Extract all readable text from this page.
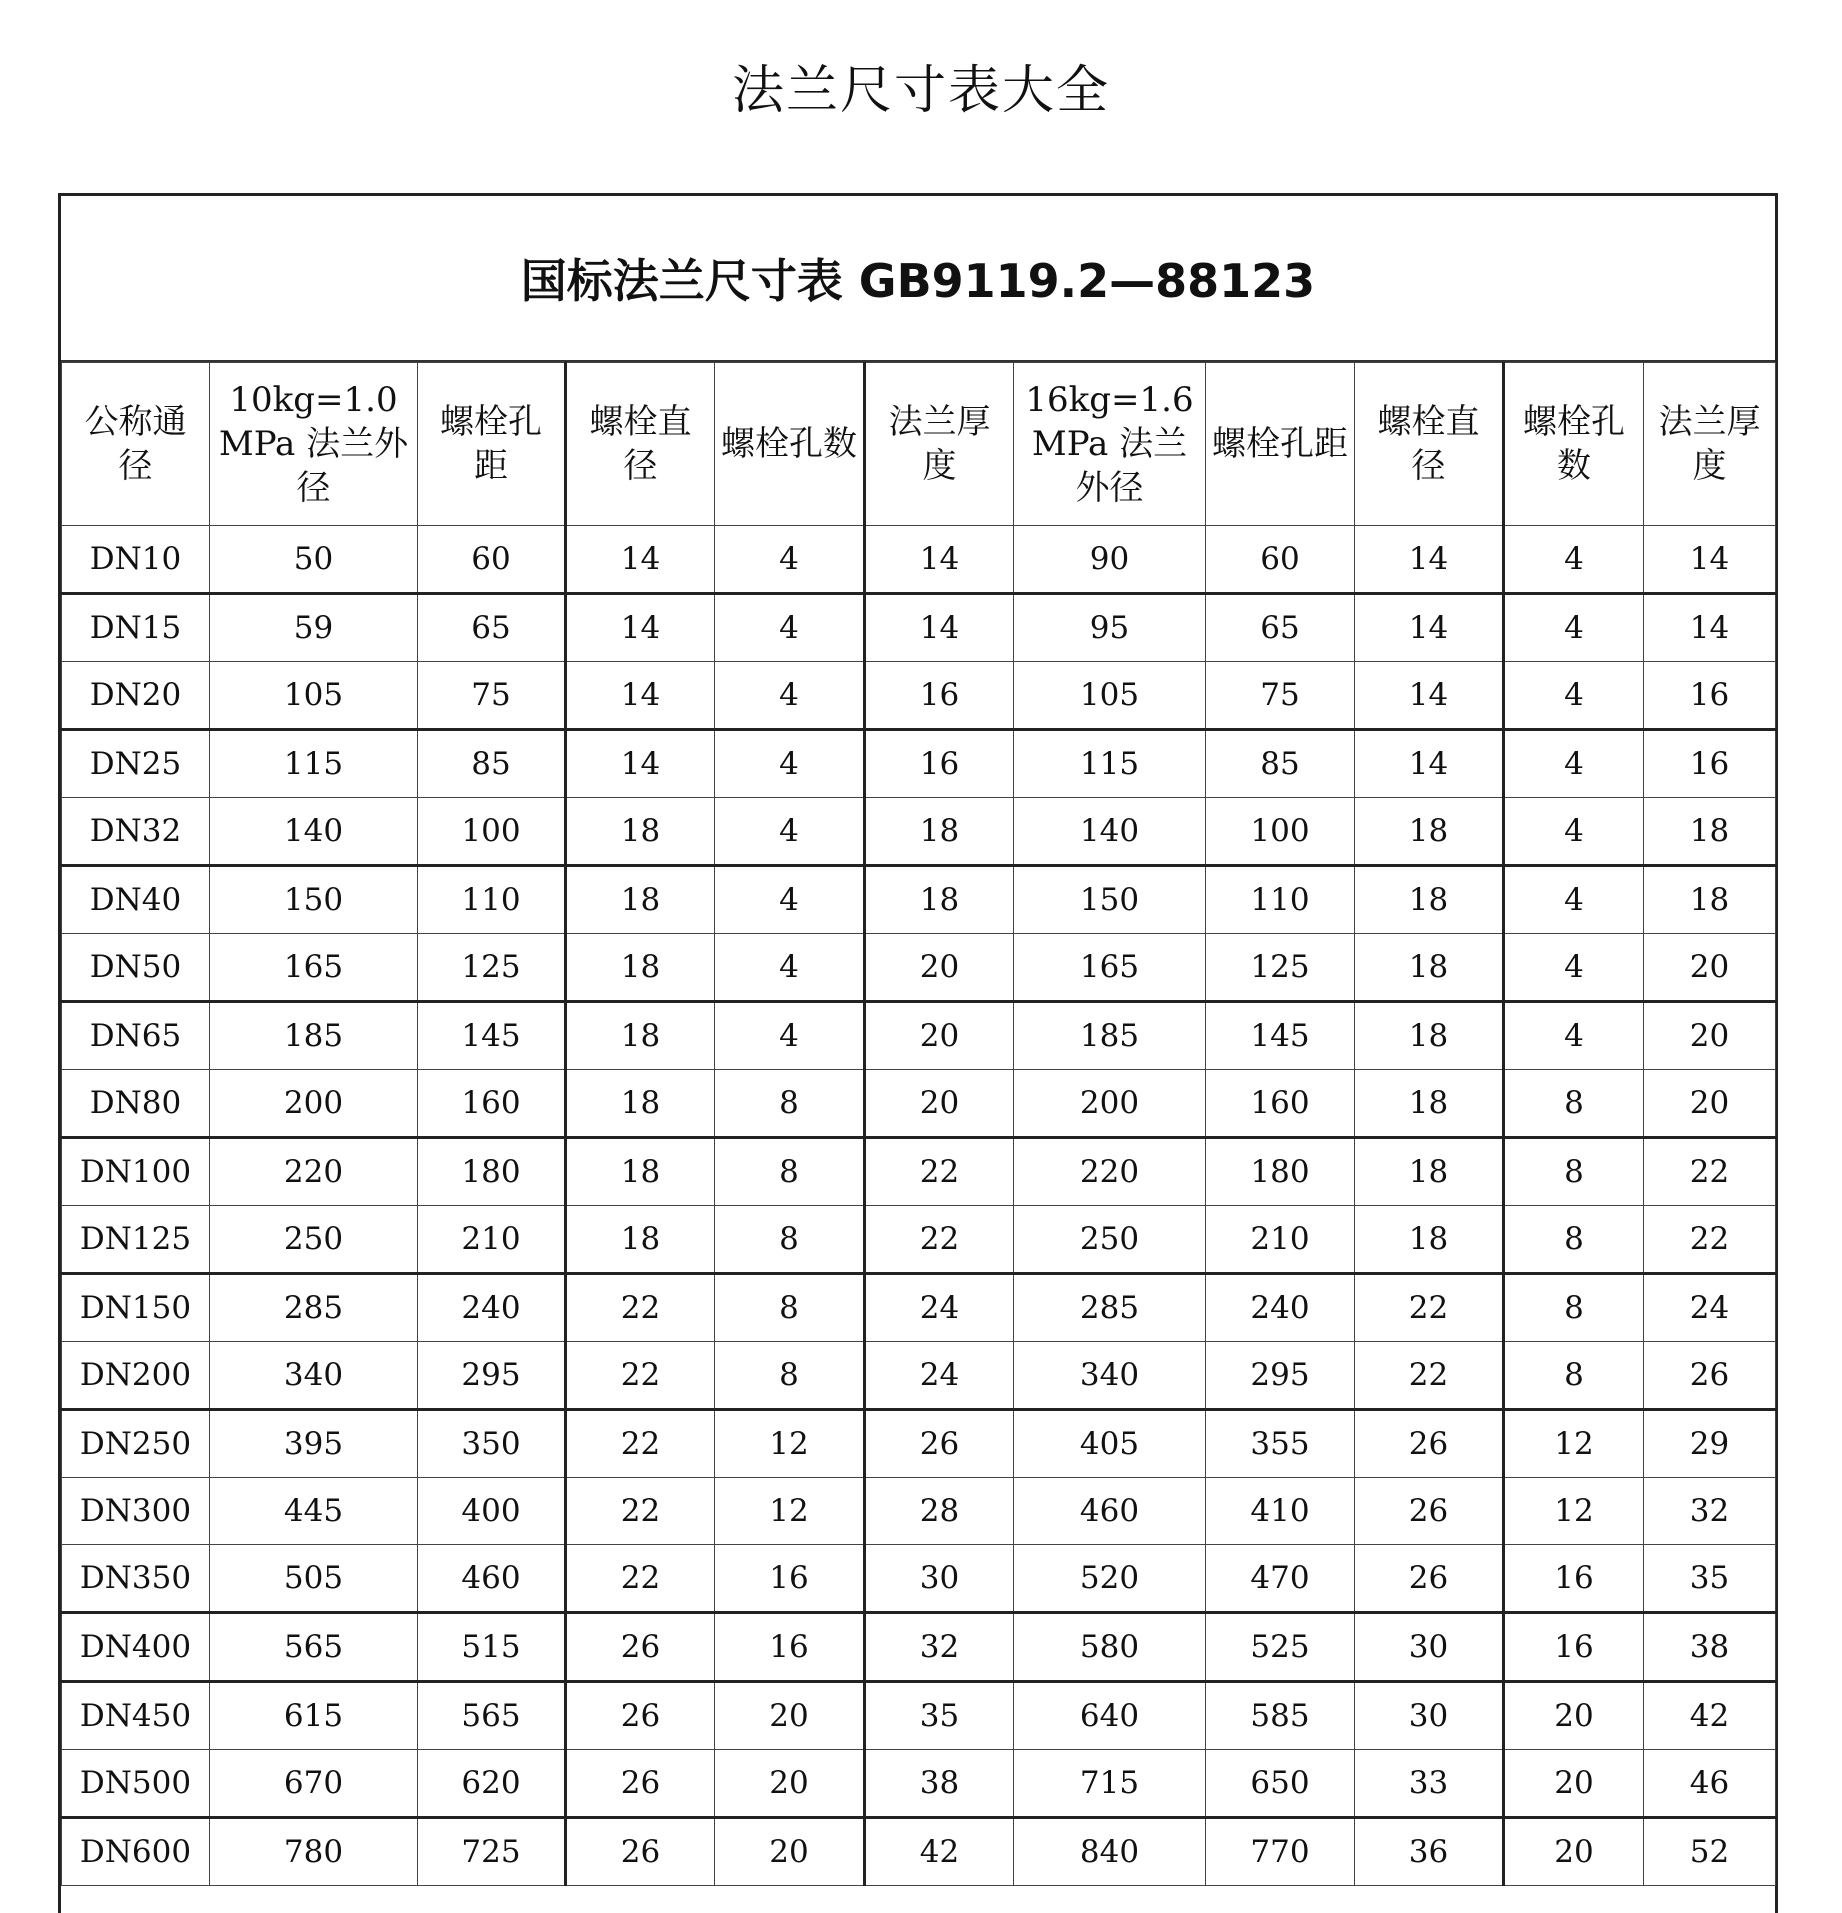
法兰尺寸表大全
国标法兰尺寸表 GB9119.2—88123
公称通径	10kg=1.0MPa 法兰外径	螺栓孔距	螺栓直径	螺栓孔数	法兰厚度	16kg=1.6MPa 法兰外径	螺栓孔距	螺栓直径	螺栓孔数	法兰厚度
DN10	50	60	14	4	14	90	60	14	4	14
DN15	59	65	14	4	14	95	65	14	4	14
DN20	105	75	14	4	16	105	75	14	4	16
DN25	115	85	14	4	16	115	85	14	4	16
DN32	140	100	18	4	18	140	100	18	4	18
DN40	150	110	18	4	18	150	110	18	4	18
DN50	165	125	18	4	20	165	125	18	4	20
DN65	185	145	18	4	20	185	145	18	4	20
DN80	200	160	18	8	20	200	160	18	8	20
DN100	220	180	18	8	22	220	180	18	8	22
DN125	250	210	18	8	22	250	210	18	8	22
DN150	285	240	22	8	24	285	240	22	8	24
DN200	340	295	22	8	24	340	295	22	8	26
DN250	395	350	22	12	26	405	355	26	12	29
DN300	445	400	22	12	28	460	410	26	12	32
DN350	505	460	22	16	30	520	470	26	16	35
DN400	565	515	26	16	32	580	525	30	16	38
DN450	615	565	26	20	35	640	585	30	20	42
DN500	670	620	26	20	38	715	650	33	20	46
DN600	780	725	26	20	42	840	770	36	20	52
